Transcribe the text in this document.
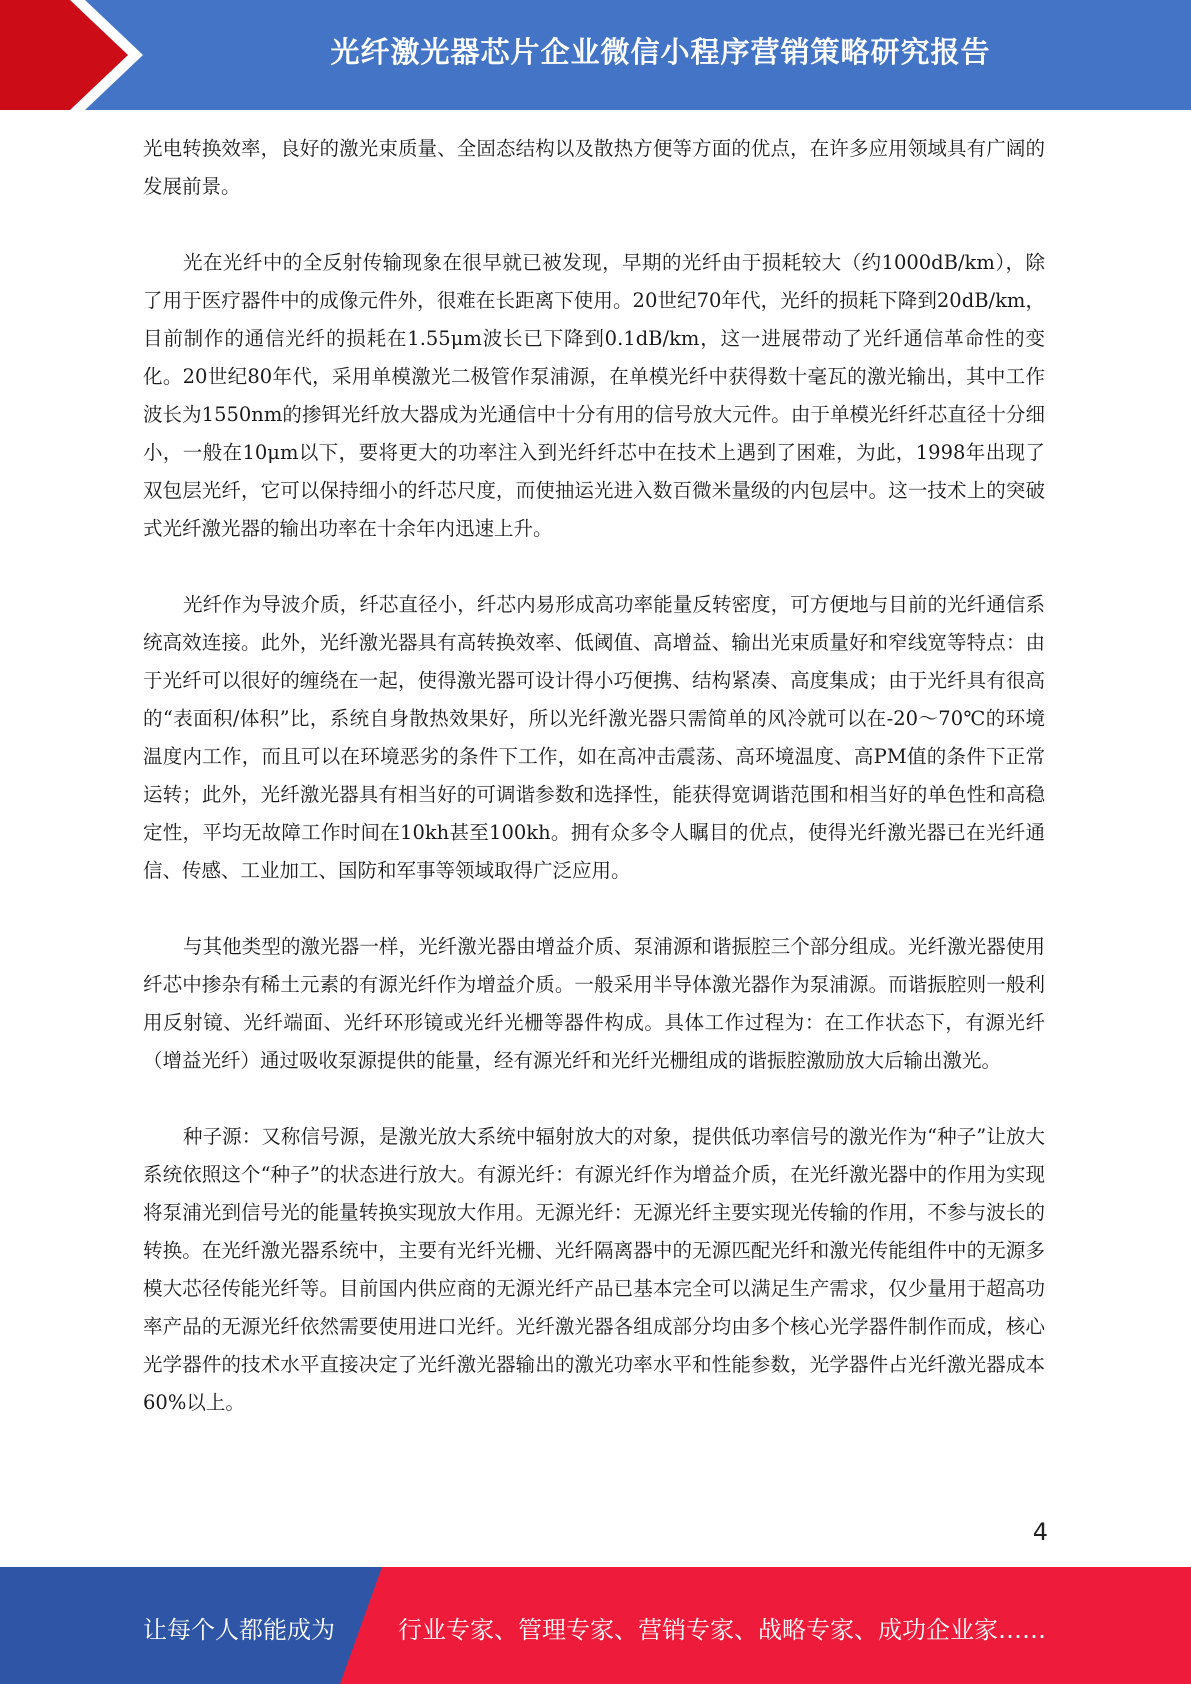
光纤激光器芯片企业微信小程序营销策略研究报告

光电转换效率，良好的激光束质量、全固态结构以及散热方便等方面的优点，在许多应用领域具有广阔的发展前景。

光在光纤中的全反射传输现象在很早就已被发现，早期的光纤由于损耗较大（约1000dB/km），除了用于医疗器件中的成像元件外，很难在长距离下使用。20世纪70年代，光纤的损耗下降到20dB/km，目前制作的通信光纤的损耗在1.55μm波长已下降到0.1dB/km，这一进展带动了光纤通信革命性的变化。20世纪80年代，采用单模激光二极管作泵浦源，在单模光纤中获得数十毫瓦的激光输出，其中工作波长为1550nm的掺铒光纤放大器成为光通信中十分有用的信号放大元件。由于单模光纤纤芯直径十分细小，一般在10μm以下，要将更大的功率注入到光纤纤芯中在技术上遇到了困难，为此，1998年出现了双包层光纤，它可以保持细小的纤芯尺度，而使抽运光进入数百微米量级的内包层中。这一技术上的突破式光纤激光器的输出功率在十余年内迅速上升。

光纤作为导波介质，纤芯直径小，纤芯内易形成高功率能量反转密度，可方便地与目前的光纤通信系统高效连接。此外，光纤激光器具有高转换效率、低阈值、高增益、输出光束质量好和窄线宽等特点：由于光纤可以很好的缠绕在一起，使得激光器可设计得小巧便携、结构紧凑、高度集成；由于光纤具有很高的“表面积/体积”比，系统自身散热效果好，所以光纤激光器只需简单的风冷就可以在-20～70℃的环境温度内工作，而且可以在环境恶劣的条件下工作，如在高冲击震荡、高环境温度、高PM值的条件下正常运转；此外，光纤激光器具有相当好的可调谐参数和选择性，能获得宽调谐范围和相当好的单色性和高稳定性，平均无故障工作时间在10kh甚至100kh。拥有众多令人瞩目的优点，使得光纤激光器已在光纤通信、传感、工业加工、国防和军事等领域取得广泛应用。

与其他类型的激光器一样，光纤激光器由增益介质、泵浦源和谐振腔三个部分组成。光纤激光器使用纤芯中掺杂有稀土元素的有源光纤作为增益介质。一般采用半导体激光器作为泵浦源。而谐振腔则一般利用反射镜、光纤端面、光纤环形镜或光纤光栅等器件构成。具体工作过程为：在工作状态下，有源光纤（增益光纤）通过吸收泵源提供的能量，经有源光纤和光纤光栅组成的谐振腔激励放大后输出激光。

种子源：又称信号源，是激光放大系统中辐射放大的对象，提供低功率信号的激光作为“种子”让放大系统依照这个“种子”的状态进行放大。有源光纤：有源光纤作为增益介质，在光纤激光器中的作用为实现将泵浦光到信号光的能量转换实现放大作用。无源光纤：无源光纤主要实现光传输的作用，不参与波长的转换。在光纤激光器系统中，主要有光纤光栅、光纤隔离器中的无源匹配光纤和激光传能组件中的无源多模大芯径传能光纤等。目前国内供应商的无源光纤产品已基本完全可以满足生产需求，仅少量用于超高功率产品的无源光纤依然需要使用进口光纤。光纤激光器各组成部分均由多个核心光学器件制作而成，核心光学器件的技术水平直接决定了光纤激光器输出的激光功率水平和性能参数，光学器件占光纤激光器成本60%以上。

4
让每个人都能成为	行业专家、管理专家、营销专家、战略专家、成功企业家……
